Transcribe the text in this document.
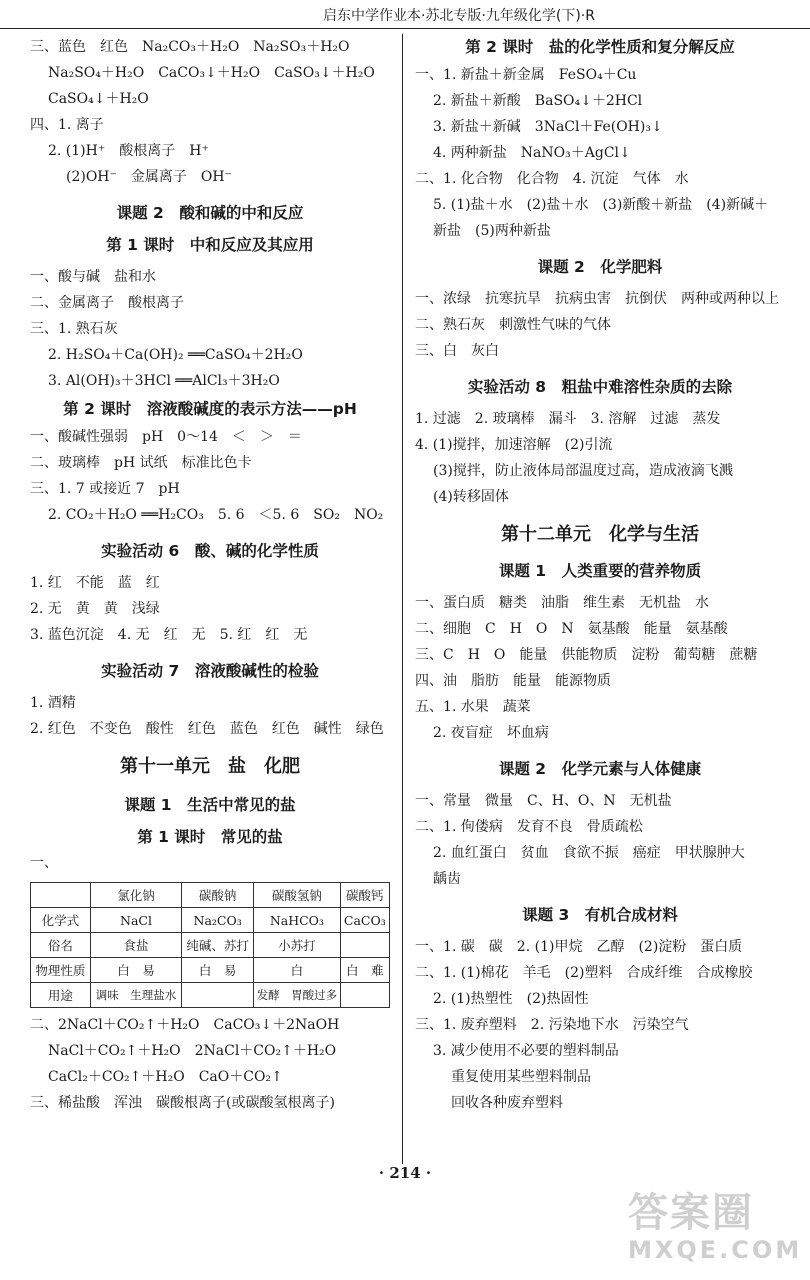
启东中学作业本·苏北专版·九年级化学(下)·R
三、蓝色　红色　Na₂CO₃＋H₂O　Na₂SO₃＋H₂O
Na₂SO₄＋H₂O　CaCO₃↓＋H₂O　CaSO₃↓＋H₂O
CaSO₄↓＋H₂O
四、1. 离子
2. (1)H⁺　酸根离子　H⁺
(2)OH⁻　金属离子　OH⁻
课题 2　酸和碱的中和反应
第 1 课时　中和反应及其应用
一、酸与碱　盐和水
二、金属离子　酸根离子
三、1. 熟石灰
2. H₂SO₄＋Ca(OH)₂ ══CaSO₄＋2H₂O
3. Al(OH)₃＋3HCl ══AlCl₃＋3H₂O
第 2 课时　溶液酸碱度的表示方法——pH
一、酸碱性强弱　pH　0～14　＜　＞　＝
二、玻璃棒　pH 试纸　标准比色卡
三、1. 7 或接近 7　pH
2. CO₂＋H₂O ══H₂CO₃　5. 6　＜5. 6　SO₂　NO₂
实验活动 6　酸、碱的化学性质
1. 红　不能　蓝　红
2. 无　黄　黄　浅绿
3. 蓝色沉淀　4. 无　红　无　5. 红　红　无
实验活动 7　溶液酸碱性的检验
1. 酒精
2. 红色　不变色　酸性　红色　蓝色　红色　碱性　绿色
第十一单元　盐　化肥
课题 1　生活中常见的盐
第 1 课时　常见的盐
一、
	氯化钠	碳酸钠	碳酸氢钠	碳酸钙
化学式	NaCl	Na₂CO₃	NaHCO₃	CaCO₃
俗名	食盐	纯碱、苏打	小苏打	
物理性质	白　易	白　易	白	白　难
用途	调味　生理盐水		发酵　胃酸过多	
二、2NaCl＋CO₂↑＋H₂O　CaCO₃↓＋2NaOH
NaCl＋CO₂↑＋H₂O　2NaCl＋CO₂↑＋H₂O
CaCl₂＋CO₂↑＋H₂O　CaO＋CO₂↑
三、稀盐酸　浑浊　碳酸根离子(或碳酸氢根离子)
第 2 课时　盐的化学性质和复分解反应
一、1. 新盐＋新金属　FeSO₄＋Cu
2. 新盐＋新酸　BaSO₄↓＋2HCl
3. 新盐＋新碱　3NaCl＋Fe(OH)₃↓
4. 两种新盐　NaNO₃＋AgCl↓
二、1. 化合物　化合物　4. 沉淀　气体　水
5. (1)盐＋水　(2)盐＋水　(3)新酸＋新盐　(4)新碱＋
新盐　(5)两种新盐
课题 2　化学肥料
一、浓绿　抗寒抗旱　抗病虫害　抗倒伏　两种或两种以上
二、熟石灰　刺激性气味的气体
三、白　灰白
实验活动 8　粗盐中难溶性杂质的去除
1. 过滤　2. 玻璃棒　漏斗　3. 溶解　过滤　蒸发
4. (1)搅拌，加速溶解　(2)引流
(3)搅拌，防止液体局部温度过高，造成液滴飞溅
(4)转移固体
第十二单元　化学与生活
课题 1　人类重要的营养物质
一、蛋白质　糖类　油脂　维生素　无机盐　水
二、细胞　C　H　O　N　氨基酸　能量　氨基酸
三、C　H　O　能量　供能物质　淀粉　葡萄糖　蔗糖
四、油　脂肪　能量　能源物质
五、1. 水果　蔬菜
2. 夜盲症　坏血病
课题 2　化学元素与人体健康
一、常量　微量　C、H、O、N　无机盐
二、1. 佝偻病　发育不良　骨质疏松
2. 血红蛋白　贫血　食欲不振　癌症　甲状腺肿大
龋齿
课题 3　有机合成材料
一、1. 碳　碳　2. (1)甲烷　乙醇　(2)淀粉　蛋白质
二、1. (1)棉花　羊毛　(2)塑料　合成纤维　合成橡胶
2. (1)热塑性　(2)热固性
三、1. 废弃塑料　2. 污染地下水　污染空气
3. 减少使用不必要的塑料制品
重复使用某些塑料制品
回收各种废弃塑料
· 214 ·
答案圈
MXQE.COM
